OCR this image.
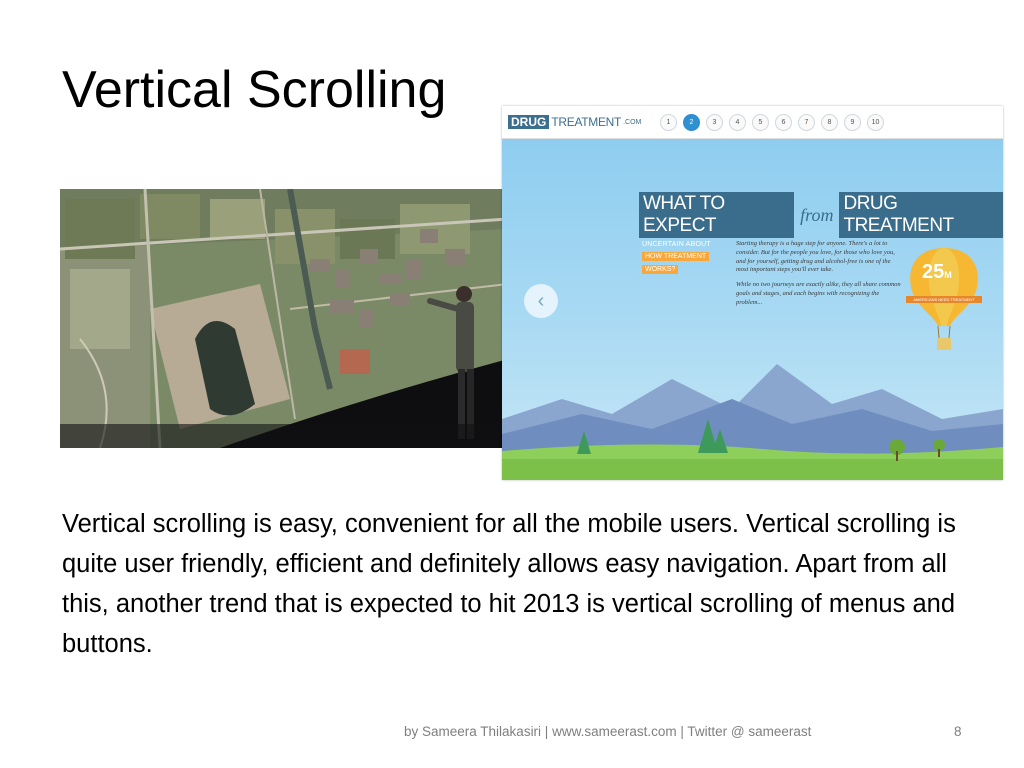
Vertical Scrolling
DRUG TREATMENT .COM	1	2	3	4	5	6	7	8	9	10
‹
WHAT TO EXPECT
from
DRUG TREATMENT
UNCERTAIN ABOUT
HOW TREATMENT
WORKS?

Starting therapy is a huge step for anyone. There's a lot to consider. But for the people you love, for those who love you, and for yourself, getting drug and alcohol-free is one of the most important steps you'll ever take.

While no two journeys are exactly alike, they all share common goals and stages, and each begins with recognizing the problem...

25M
AMERICANS NEED TREATMENT

Vertical scrolling is easy, convenient for all the mobile users. Vertical scrolling is quite user friendly, efficient and definitely allows easy navigation. Apart from all this, another trend that is expected to hit 2013 is vertical scrolling of menus and buttons.

by Sameera Thilakasiri | www.sameerast.com | Twitter @ sameerast	8
